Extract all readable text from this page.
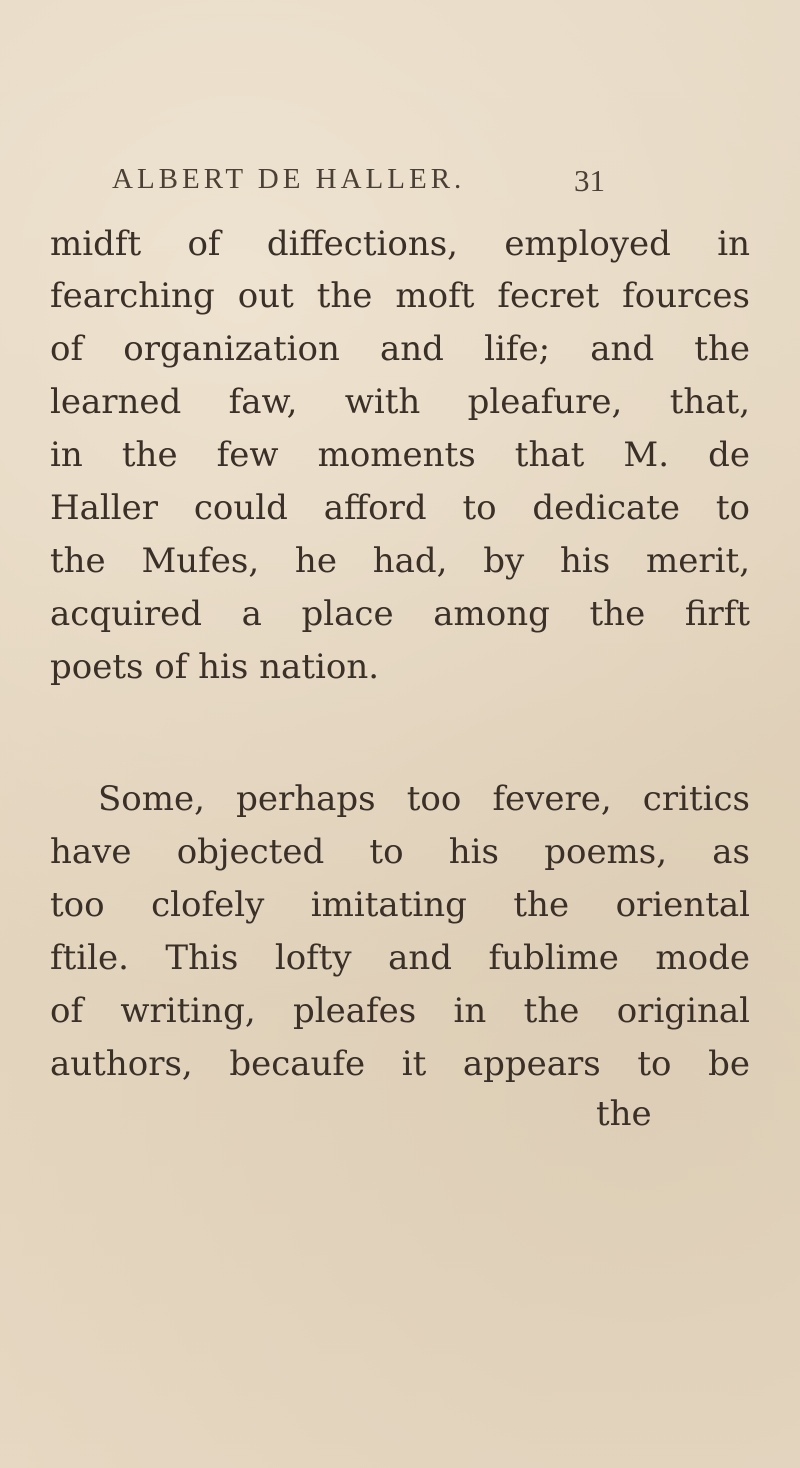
ALBERT DE HALLER.	31
midft of diffections, employed in
fearching out the moft fecret fources
of organization and life; and the
learned faw, with pleafure, that,
in the few moments that M. de
Haller could afford to dedicate to
the Mufes, he had, by his merit,
acquired a place among the firft
poets of his nation.
Some, perhaps too fevere, critics
have objected to his poems, as
too clofely imitating the oriental
ftile. This lofty and fublime mode
of writing, pleafes in the original
authors, becaufe it appears to be
the
